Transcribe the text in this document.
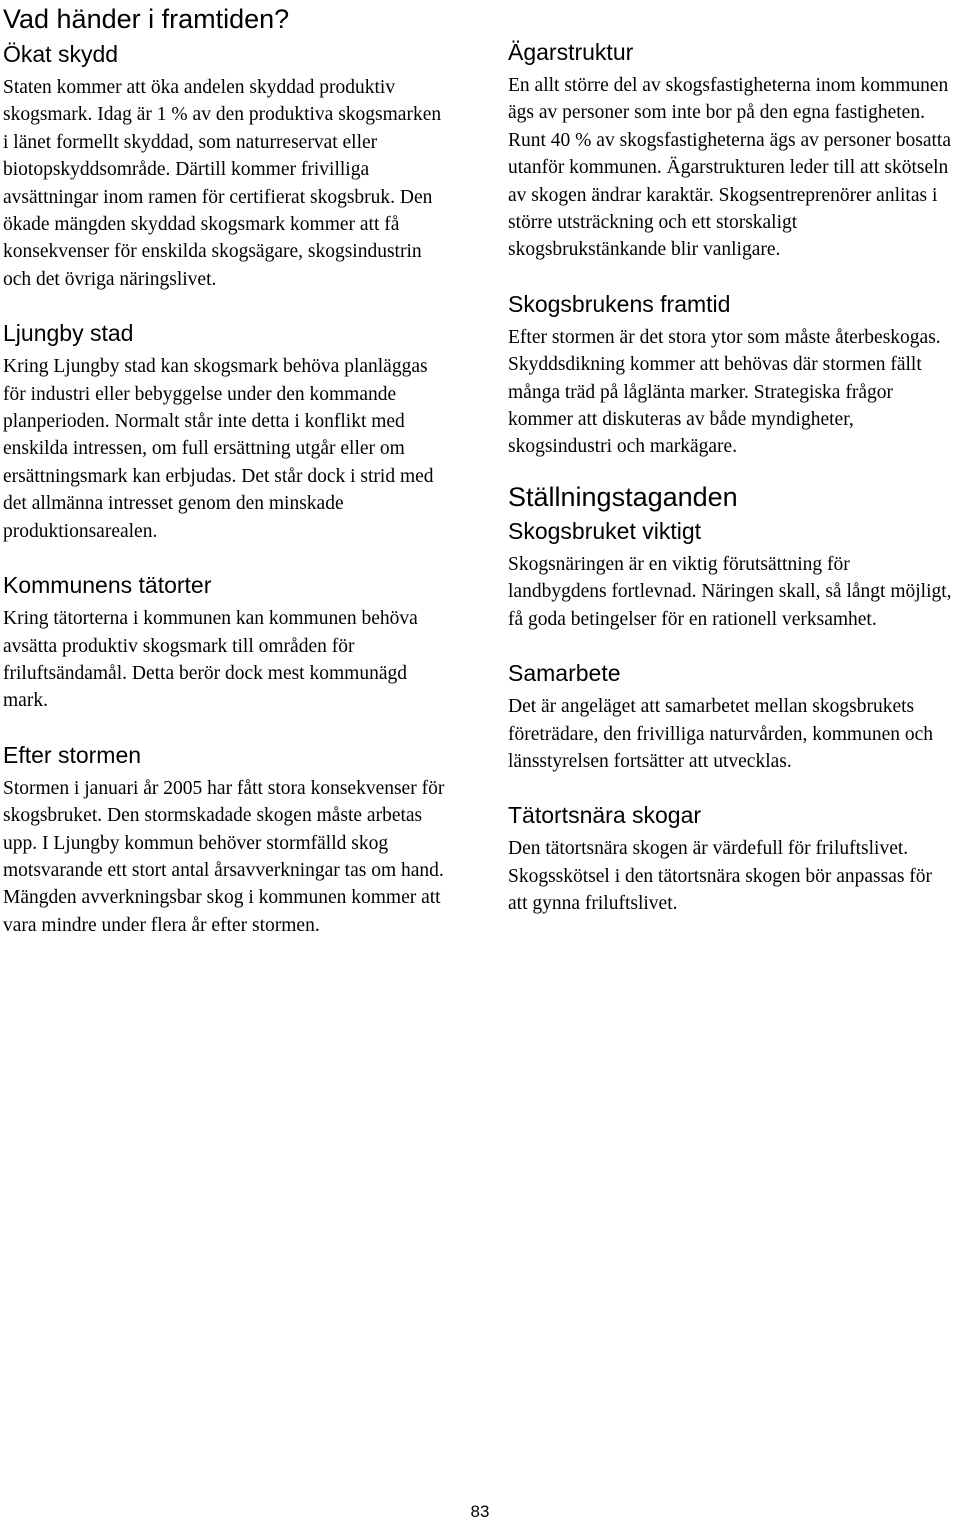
Vad händer i framtiden?
Ökat skydd

Staten kommer att öka andelen skyddad produktiv skogsmark. Idag är 1 % av den produktiva skogsmarken i länet formellt skyddad, som naturreservat eller biotopskyddsområde. Därtill kommer frivilliga avsättningar inom ramen för certifierat skogsbruk. Den ökade mängden skyddad skogsmark kommer att få konsekvenser för enskilda skogsägare, skogsindustrin och det övriga näringslivet.

Ljungby stad

Kring Ljungby stad kan skogsmark behöva planläggas för industri eller bebyggelse under den kommande planperioden. Normalt står inte detta i konflikt med enskilda intressen, om full ersättning utgår eller om ersättningsmark kan erbjudas. Det står dock i strid med det allmänna intresset genom den minskade produktionsarealen.

Kommunens tätorter

Kring tätorterna i kommunen kan kommunen behöva avsätta produktiv skogsmark till områden för friluftsändamål. Detta berör dock mest kommunägd mark.

Efter stormen

Stormen i januari år 2005 har fått stora konsekvenser för skogsbruket. Den stormskadade skogen måste arbetas upp. I Ljungby kommun behöver stormfälld skog motsvarande ett stort antal årsavverkningar tas om hand. Mängden avverkningsbar skog i kommunen kommer att vara mindre under flera år efter stormen.

Ägarstruktur

En allt större del av skogsfastigheterna inom kommunen ägs av personer som inte bor på den egna fastigheten. Runt 40 % av skogsfastigheterna ägs av personer bosatta utanför kommunen. Ägarstrukturen leder till att skötseln av skogen ändrar karaktär. Skogsentreprenörer anlitas i större utsträckning och ett storskaligt skogsbrukstänkande blir vanligare.

Skogsbrukens framtid

Efter stormen är det stora ytor som måste återbeskogas. Skyddsdikning kommer att behövas där stormen fällt många träd på låglänta marker. Strategiska frågor kommer att diskuteras av både myndigheter, skogsindustri och markägare.

Ställningstaganden
Skogsbruket viktigt

Skogsnäringen är en viktig förutsättning för landbygdens fortlevnad. Näringen skall, så långt möjligt, få goda betingelser för en rationell verksamhet.

Samarbete

Det är angeläget att samarbetet mellan skogsbrukets företrädare, den frivilliga naturvården, kommunen och länsstyrelsen fortsätter att utvecklas.

Tätortsnära skogar

Den tätortsnära skogen är värdefull för friluftslivet. Skogsskötsel i den tätortsnära skogen bör anpassas för att gynna friluftslivet.

83
